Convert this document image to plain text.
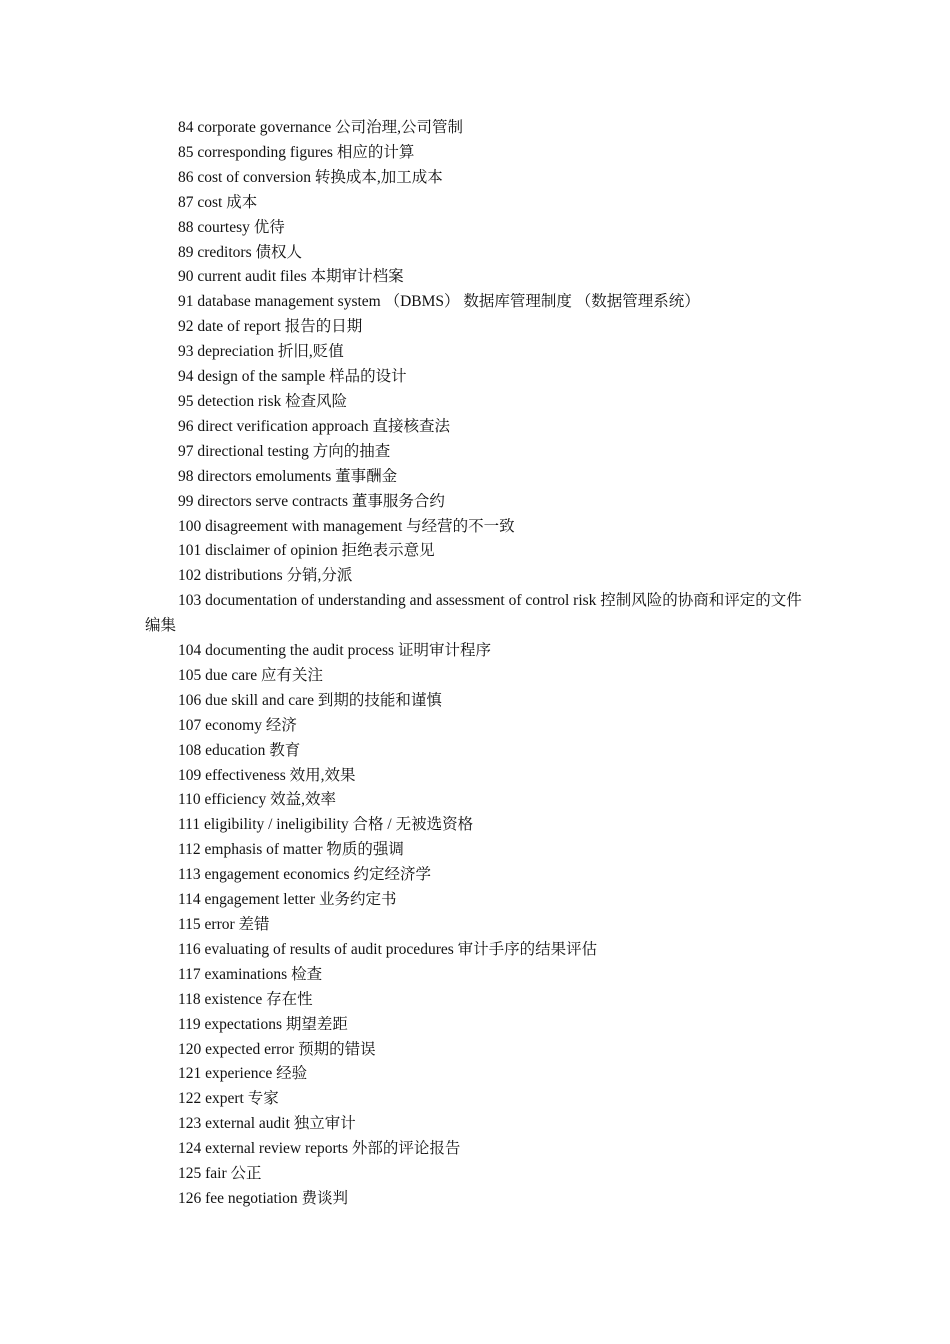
84 corporate governance 公司治理,公司管制
85 corresponding figures 相应的计算
86 cost of conversion 转换成本,加工成本
87 cost 成本
88 courtesy 优待
89 creditors 债权人
90 current audit files 本期审计档案
91 database management system （DBMS） 数据库管理制度 （数据管理系统）
92 date of report 报告的日期
93 depreciation 折旧,贬值
94 design of the sample 样品的设计
95 detection risk 检查风险
96 direct verification approach 直接核查法
97 directional testing 方向的抽查
98 directors emoluments 董事酬金
99 directors serve contracts 董事服务合约
100 disagreement with management 与经营的不一致
101 disclaimer of opinion 拒绝表示意见
102 distributions 分销,分派
103 documentation of understanding and assessment of control risk 控制风险的协商和评定的文件编集
104 documenting the audit process 证明审计程序
105 due care 应有关注
106 due skill and care 到期的技能和谨慎
107 economy 经济
108 education 教育
109 effectiveness 效用,效果
110 efficiency 效益,效率
111 eligibility / ineligibility 合格 / 无被选资格
112 emphasis of matter 物质的强调
113 engagement economics 约定经济学
114 engagement letter 业务约定书
115 error 差错
116 evaluating of results of audit procedures 审计手序的结果评估
117 examinations 检查
118 existence 存在性
119 expectations 期望差距
120 expected error 预期的错误
121 experience 经验
122 expert 专家
123 external audit 独立审计
124 external review reports 外部的评论报告
125 fair 公正
126 fee negotiation 费谈判
